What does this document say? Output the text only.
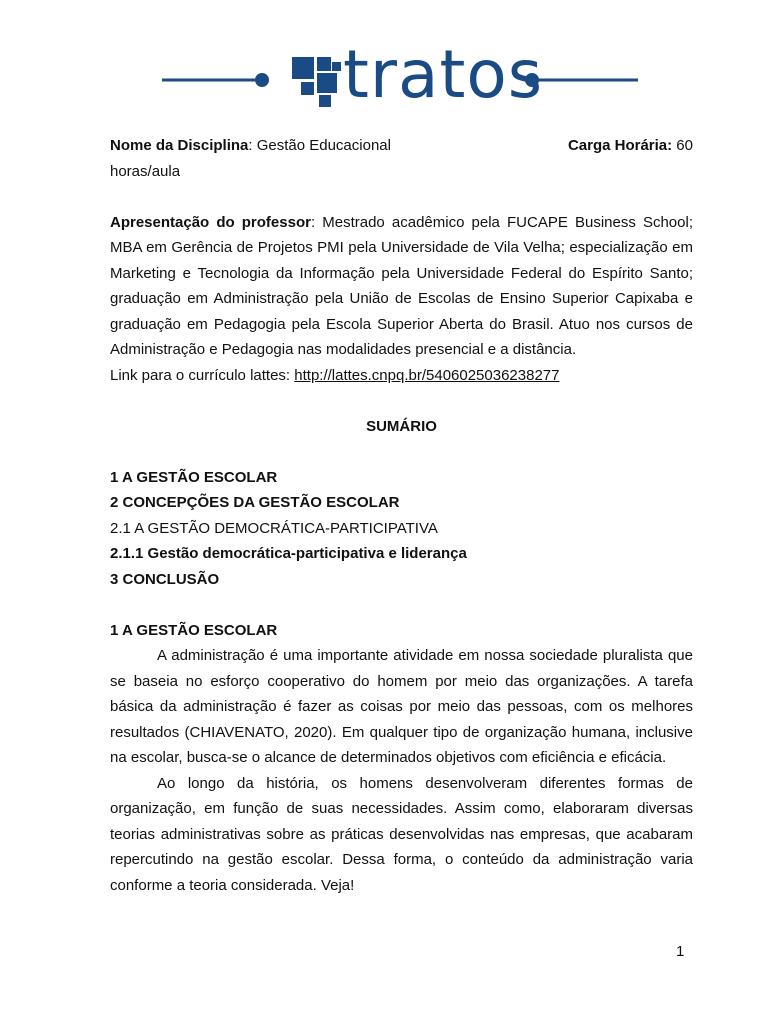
tratos
Nome da Disciplina: Gestão Educacional	Carga Horária: 60

horas/aula

Apresentação do professor: Mestrado acadêmico pela FUCAPE Business School; MBA em Gerência de Projetos PMI pela Universidade de Vila Velha; especialização em Marketing e Tecnologia da Informação pela Universidade Federal do Espírito Santo; graduação em Administração pela União de Escolas de Ensino Superior Capixaba e graduação em Pedagogia pela Escola Superior Aberta do Brasil. Atuo nos cursos de Administração e Pedagogia nas modalidades presencial e a distância.

Link para o currículo lattes: http://lattes.cnpq.br/5406025036238277

SUMÁRIO

1 A GESTÃO ESCOLAR

2 CONCEPÇÕES DA GESTÃO ESCOLAR

2.1 A GESTÃO DEMOCRÁTICA-PARTICIPATIVA

2.1.1 Gestão democrática-participativa e liderança

3 CONCLUSÃO

1 A GESTÃO ESCOLAR

A administração é uma importante atividade em nossa sociedade pluralista que se baseia no esforço cooperativo do homem por meio das organizações. A tarefa básica da administração é fazer as coisas por meio das pessoas, com os melhores resultados (CHIAVENATO, 2020). Em qualquer tipo de organização humana, inclusive na escolar, busca-se o alcance de determinados objetivos com eficiência e eficácia.

Ao longo da história, os homens desenvolveram diferentes formas de organização, em função de suas necessidades. Assim como, elaboraram diversas teorias administrativas sobre as práticas desenvolvidas nas empresas, que acabaram repercutindo na gestão escolar. Dessa forma, o conteúdo da administração varia conforme a teoria considerada. Veja!

1
